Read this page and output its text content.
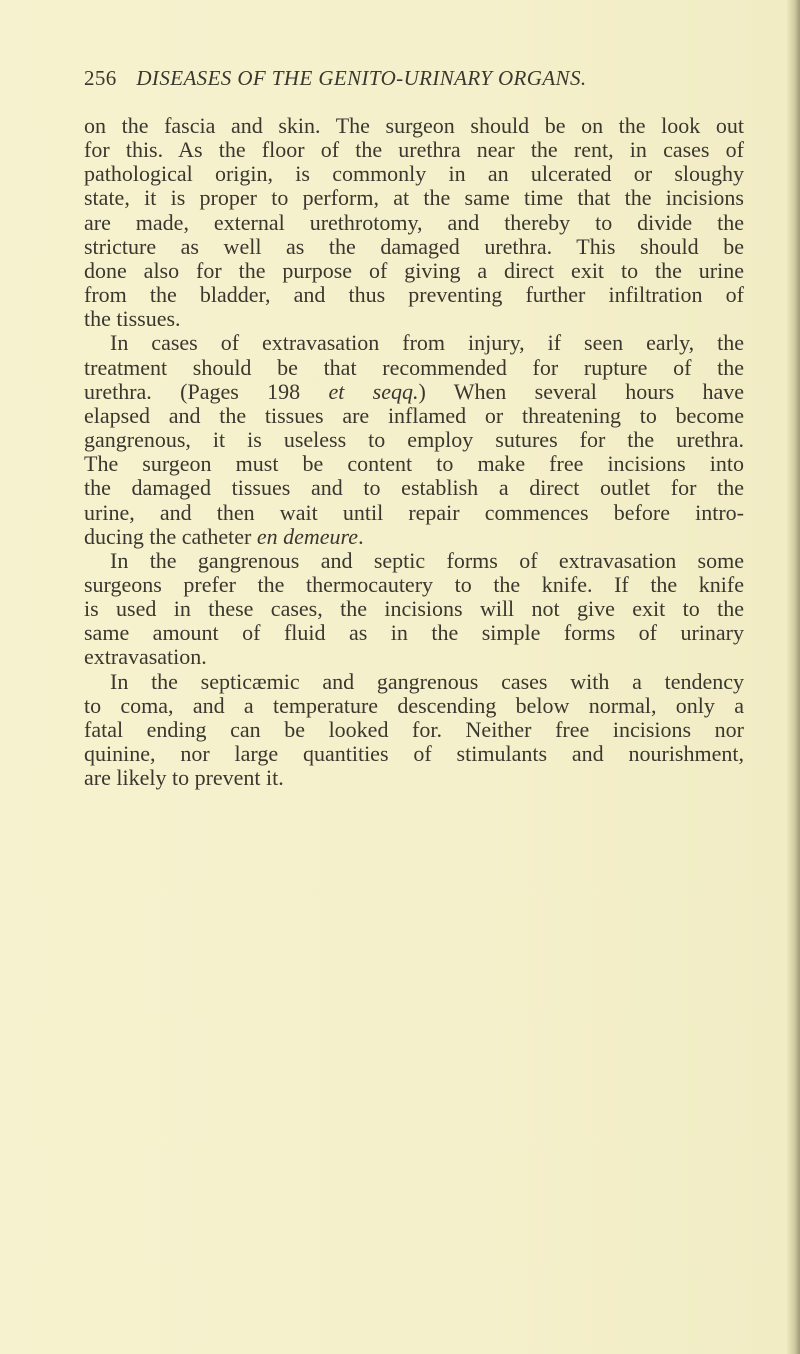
256 DISEASES OF THE GENITO-URINARY ORGANS.

on the fascia and skin. The surgeon should be on the look out
for this. As the floor of the urethra near the rent, in cases of
pathological origin, is commonly in an ulcerated or sloughy
state, it is proper to perform, at the same time that the incisions
are made, external urethrotomy, and thereby to divide the
stricture as well as the damaged urethra. This should be
done also for the purpose of giving a direct exit to the urine
from the bladder, and thus preventing further infiltration of
the tissues.

In cases of extravasation from injury, if seen early, the
treatment should be that recommended for rupture of the
urethra. (Pages 198 et seqq.) When several hours have
elapsed and the tissues are inflamed or threatening to become
gangrenous, it is useless to employ sutures for the urethra.
The surgeon must be content to make free incisions into
the damaged tissues and to establish a direct outlet for the
urine, and then wait until repair commences before intro-
ducing the catheter en demeure.

In the gangrenous and septic forms of extravasation some
surgeons prefer the thermocautery to the knife. If the knife
is used in these cases, the incisions will not give exit to the
same amount of fluid as in the simple forms of urinary
extravasation.

In the septicæmic and gangrenous cases with a tendency
to coma, and a temperature descending below normal, only a
fatal ending can be looked for. Neither free incisions nor
quinine, nor large quantities of stimulants and nourishment,
are likely to prevent it.
